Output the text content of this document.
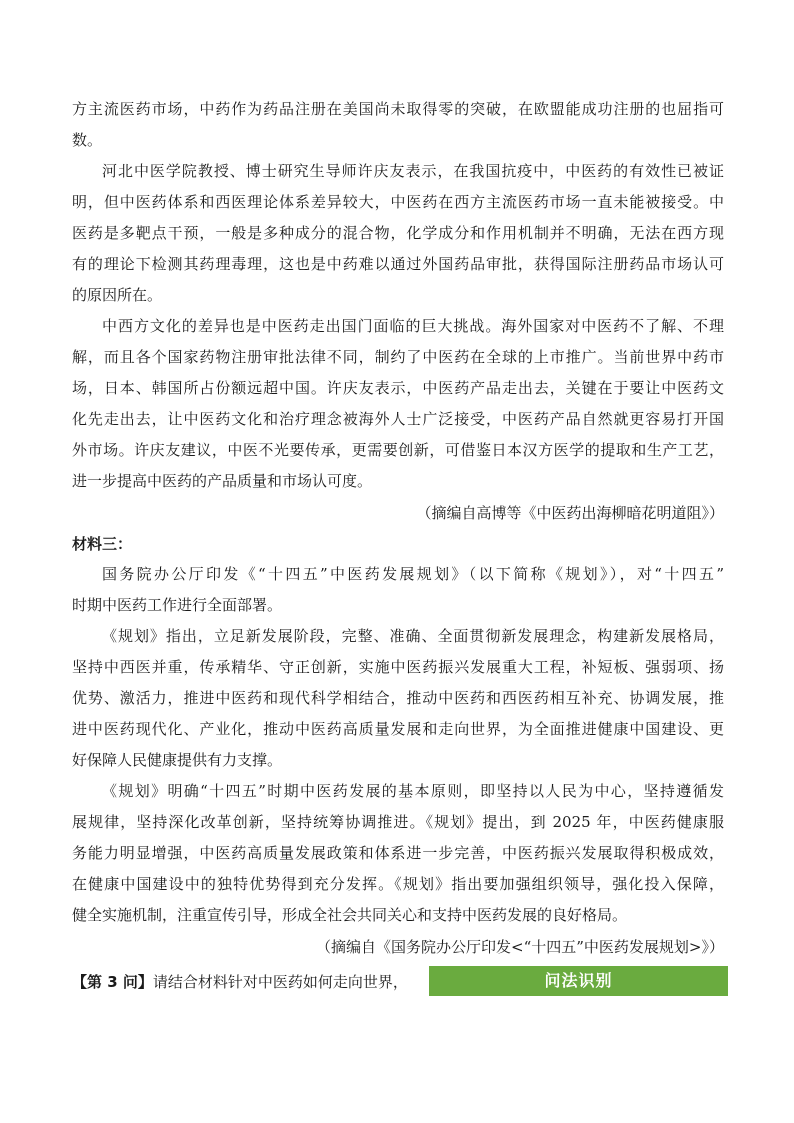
方主流医药市场，中药作为药品注册在美国尚未取得零的突破，在欧盟能成功注册的也屈指可
数。
河北中医学院教授、博士研究生导师许庆友表示，在我国抗疫中，中医药的有效性已被证
明，但中医药体系和西医理论体系差异较大，中医药在西方主流医药市场一直未能被接受。中
医药是多靶点干预，一般是多种成分的混合物，化学成分和作用机制并不明确，无法在西方现
有的理论下检测其药理毒理，这也是中药难以通过外国药品审批，获得国际注册药品市场认可
的原因所在。
中西方文化的差异也是中医药走出国门面临的巨大挑战。海外国家对中医药不了解、不理
解，而且各个国家药物注册审批法律不同，制约了中医药在全球的上市推广。当前世界中药市
场，日本、韩国所占份额远超中国。许庆友表示，中医药产品走出去，关键在于要让中医药文
化先走出去，让中医药文化和治疗理念被海外人士广泛接受，中医药产品自然就更容易打开国
外市场。许庆友建议，中医不光要传承，更需要创新，可借鉴日本汉方医学的提取和生产工艺，
进一步提高中医药的产品质量和市场认可度。
（摘编自高博等《中医药出海柳暗花明道阻》）
材料三：
国务院办公厅印发《“十四五”中医药发展规划》（以下简称《规划》），对“十四五”
时期中医药工作进行全面部署。
《规划》指出，立足新发展阶段，完整、准确、全面贯彻新发展理念，构建新发展格局，
坚持中西医并重，传承精华、守正创新，实施中医药振兴发展重大工程，补短板、强弱项、扬
优势、激活力，推进中医药和现代科学相结合，推动中医药和西医药相互补充、协调发展，推
进中医药现代化、产业化，推动中医药高质量发展和走向世界，为全面推进健康中国建设、更
好保障人民健康提供有力支撑。
《规划》明确“十四五”时期中医药发展的基本原则，即坚持以人民为中心，坚持遵循发
展规律，坚持深化改革创新，坚持统筹协调推进。《规划》提出，到 2025 年，中医药健康服
务能力明显增强，中医药高质量发展政策和体系进一步完善，中医药振兴发展取得积极成效，
在健康中国建设中的独特优势得到充分发挥。《规划》指出要加强组织领导，强化投入保障，
健全实施机制，注重宣传引导，形成全社会共同关心和支持中医药发展的良好格局。
（摘编自《国务院办公厅印发<“十四五”中医药发展规划>》）
【第 3 问】请结合材料针对中医药如何走向世界，	问法识别
